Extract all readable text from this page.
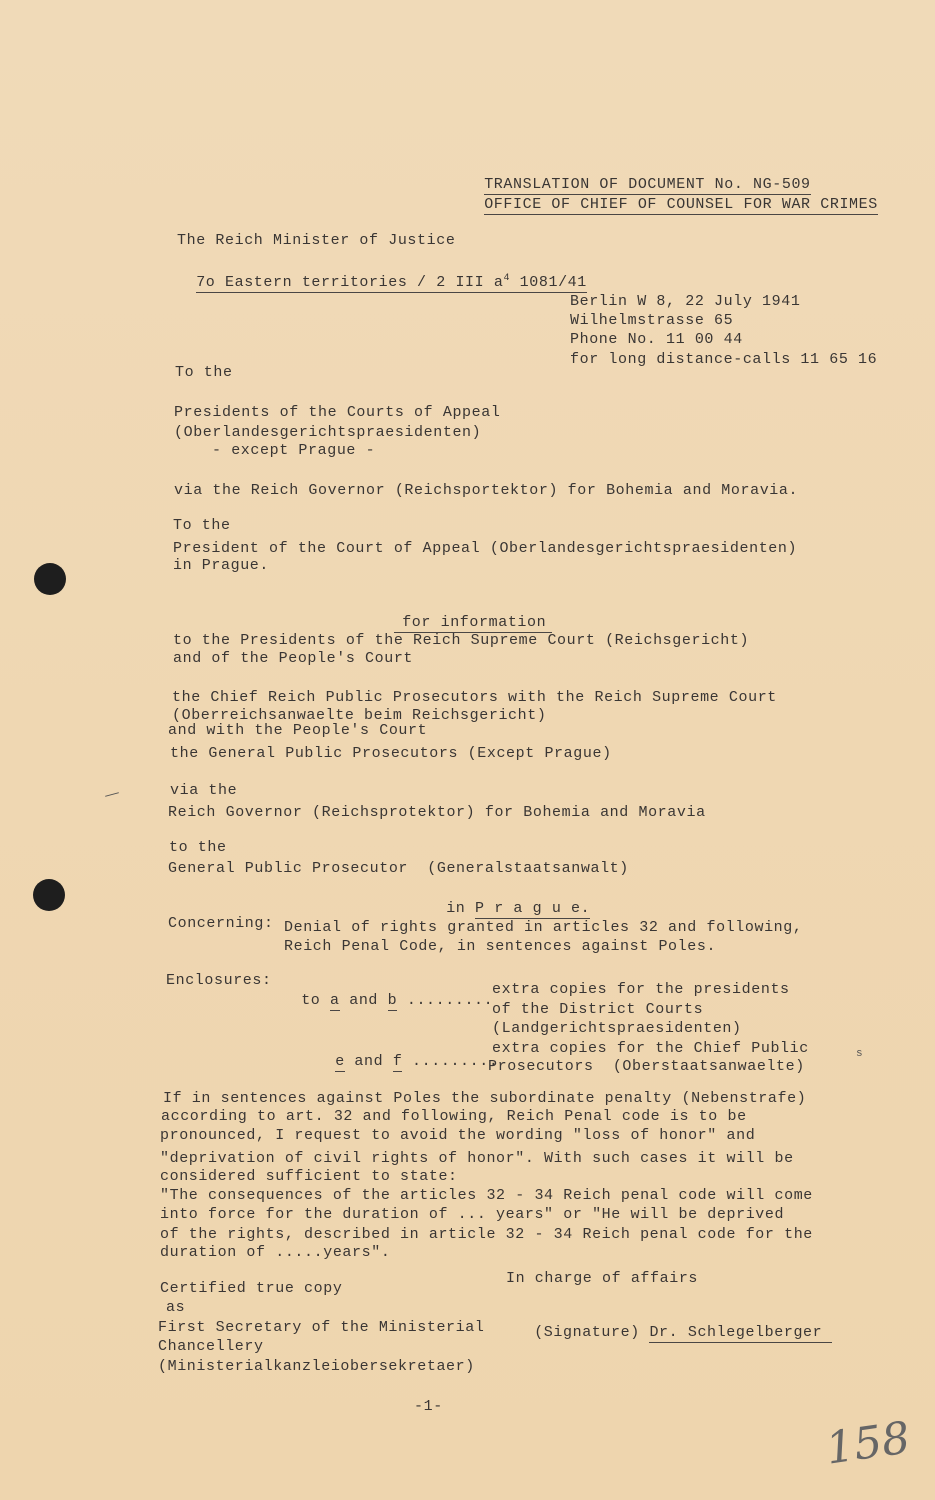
TRANSLATION OF DOCUMENT No. NG-509

OFFICE OF CHIEF OF COUNSEL FOR WAR CRIMES

The Reich Minister of Justice

7o Eastern territories / 2 III $a^4$ 1081/41

Berlin W 8, 22 July 1941
Wilhelmstrasse 65
Phone No. 11 00 44
for long distance-calls 11 65 16
To the
Presidents of the Courts of Appeal
(Oberlandesgerichtspraesidenten)
- except Prague -
via the Reich Governor (Reichsportektor) for Bohemia and Moravia.
To the
President of the Court of Appeal (Oberlandesgerichtspraesidenten)
in Prague.

for information

to the Presidents of the Reich Supreme Court (Reichsgericht)
and of the People's Court
the Chief Reich Public Prosecutors with the Reich Supreme Court
(Oberreichsanwaelte beim Reichsgericht)
and with the People's Court
the General Public Prosecutors (Except Prague)
via the
Reich Governor (Reichsprotektor) for Bohemia and Moravia
to the
General Public Prosecutor  (Generalstaatsanwalt)

in P r a g u e.

Concerning: Denial of rights granted in articles 32 and following,
Reich Penal Code, in sentences against Poles.
Enclosures:

to a and b .........

extra copies for the presidents
of the District Courts
(Landgerichtspraesidenten)

e and f .........

extra copies for the Chief Public
Prosecutors  (Oberstaatsanwaelte)
s
If in sentences against Poles the subordinate penalty (Nebenstrafe)
according to art. 32 and following, Reich Penal code is to be
pronounced, I request to avoid the wording "loss of honor" and
"deprivation of civil rights of honor". With such cases it will be
considered sufficient to state:
"The consequences of the articles 32 - 34 Reich penal code will come
into force for the duration of ... years" or "He will be deprived
of the rights, described in article 32 - 34 Reich penal code for the
duration of .....years".
In charge of affairs

(Signature) Dr. Schlegelberger

Certified true copy
as
First Secretary of the Ministerial
Chancellery
(Ministerialkanzleiobersekretaer)
-1-
158
